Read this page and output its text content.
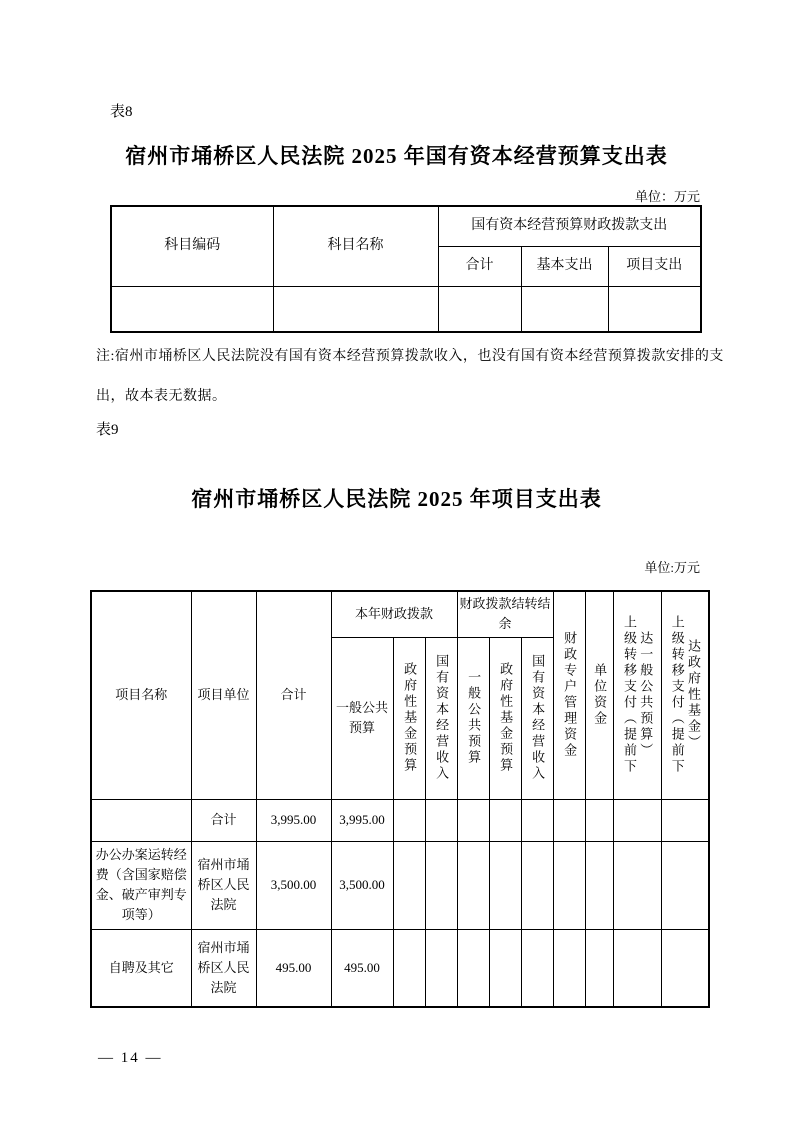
表8
宿州市埇桥区人民法院 2025 年国有资本经营预算支出表
单位：万元
科目编码	科目名称	国有资本经营预算财政拨款支出		
		合计	基本支出	项目支出

注:宿州市埇桥区人民法院没有国有资本经营预算拨款收入，也没有国有资本经营预算拨款安排的支
出，故本表无数据。
表9
宿州市埇桥区人民法院 2025 年项目支出表
单位:万元
项目名称	项目单位	合计	本年财政拨款			财政拨款结转结余			财政专户管理资金	单位资金	上级转移支付（提前下达一般公共预算）	上级转移支付（提前下达政府性基金）
			一般公共预算	政府性基金预算	国有资本经营收入	一般公共预算	政府性基金预算	国有资本经营收入				
	合计	3,995.00	3,995.00									
办公办案运转经费（含国家赔偿金、破产审判专项等）	宿州市埇桥区人民法院	3,500.00	3,500.00									
自聘及其它	宿州市埇桥区人民法院	495.00	495.00									
— 14 —
